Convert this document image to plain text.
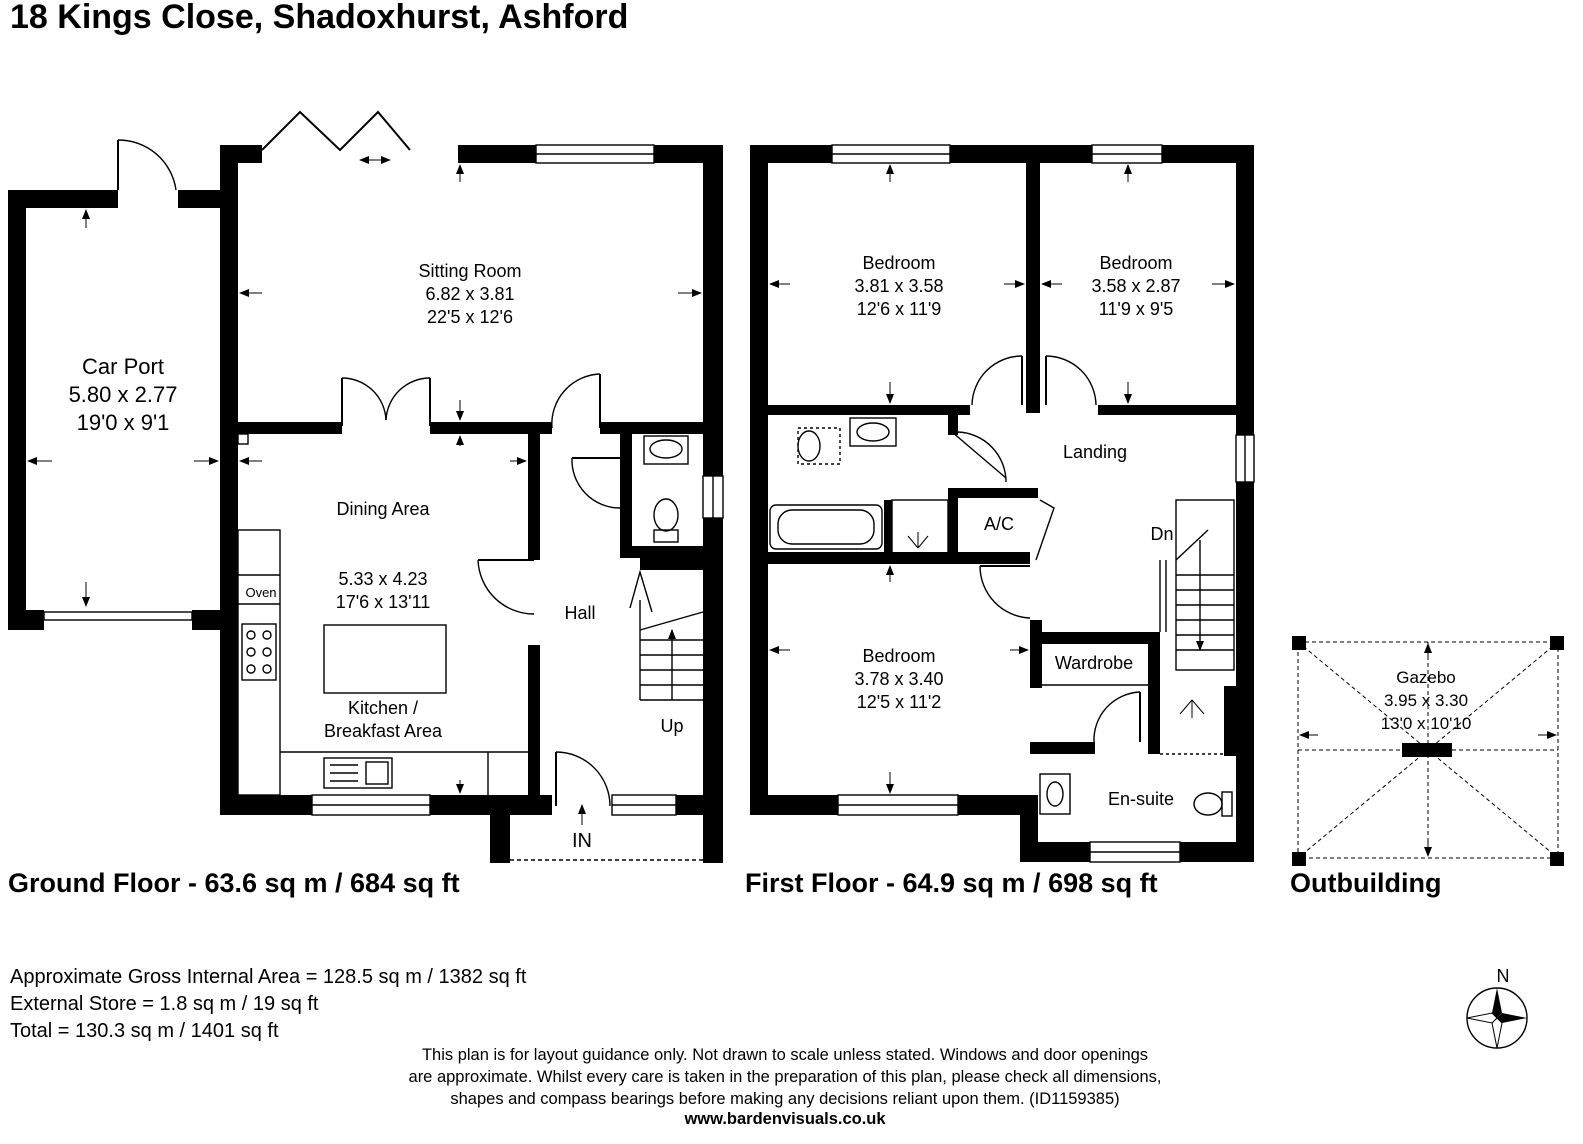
18 Kings Close, Shadoxhurst, Ashford
Car Port
5.80 x 2.77
19'0 x 9'1
Sitting Room
6.82 x 3.81
22'5 x 12'6
Dining Area
5.33 x 4.23
17'6 x 13'11
Kitchen /
Breakfast Area
Oven
Hall
Up
IN
Bedroom
3.81 x 3.58
12'6 x 11'9
Bedroom
3.58 x 2.87
11'9 x 9'5
Landing
A/C	Dn
Bedroom
3.78 x 3.40
12'5 x 11'2
Wardrobe
En-suite
Gazebo
3.95 x 3.30
13'0 x 10'10
N
Ground Floor - 63.6 sq m / 684 sq ft	First Floor - 64.9 sq m / 698 sq ft	Outbuilding
Approximate Gross Internal Area = 128.5 sq m / 1382 sq ft
External Store = 1.8 sq m / 19 sq ft
Total = 130.3 sq m / 1401 sq ft
This plan is for layout guidance only. Not drawn to scale unless stated. Windows and door openings
are approximate. Whilst every care is taken in the preparation of this plan, please check all dimensions,
shapes and compass bearings before making any decisions reliant upon them. (ID1159385)
www.bardenvisuals.co.uk
